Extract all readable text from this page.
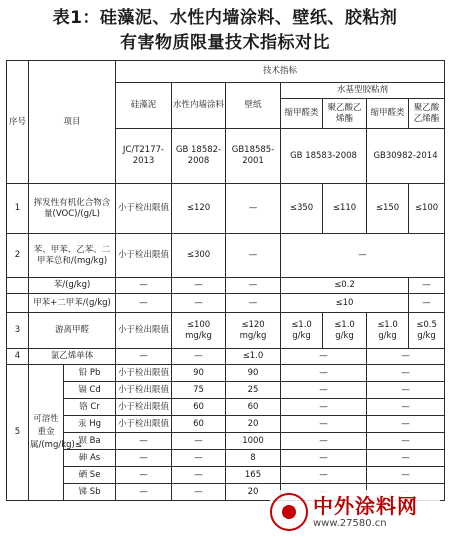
表1：硅藻泥、水性内墙涂料、壁纸、胶粘剂
有害物质限量技术指标对比
序号	项目		技术指标						
			硅藻泥	水性内墙涂料	壁纸	水基型胶粘剂			
						缩甲醛类	聚乙酸乙烯酯	缩甲醛类	聚乙酸乙烯酯
			JC/T2177-2013	GB 18582-2008	GB18585-2001	GB 18583-2008		GB30982-2014	
1	挥发性有机化合物含量(VOC)/(g/L)		小于检出限值	≤120	—	≤350	≤110	≤150	≤100
2	苯、甲苯、乙苯、二甲苯总和/(mg/kg)		小于检出限值	≤300	—	—			
	苯/(g/kg)		—	—	—	≤0.2			—
	甲苯+二甲苯/(g/kg)		—	—	—	≤10			—
3	游离甲醛		小于检出限值	≤100 mg/kg	≤120 mg/kg	≤1.0 g/kg	≤1.0 g/kg	≤1.0 g/kg	≤0.5 g/kg
4	氯乙烯单体		—	—	≤1.0	—		—	
5	可溶性重金属/(mg/kg)≤	铅 Pb	小于检出限值	90	90	—		—	
		镉 Cd	小于检出限值	75	25	—		—	
		铬 Cr	小于检出限值	60	60	—		—	
		汞 Hg	小于检出限值	60	20	—		—	
		钡 Ba	—	—	1000	—		—	
		砷 As	—	—	8	—		—	
		硒 Se	—	—	165	—		—	
		锑 Sb	—	—	20		
中外涂料网
www.27580.cn
